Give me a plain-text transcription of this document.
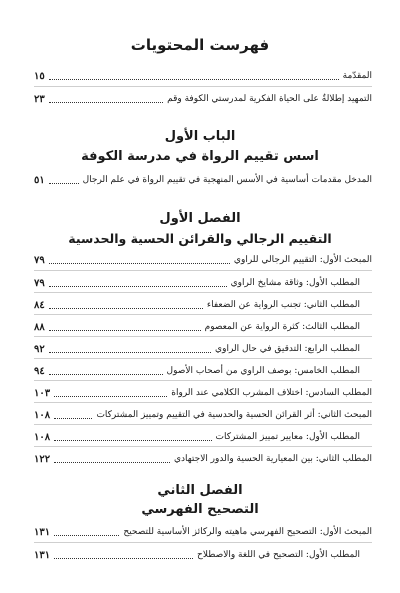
فهرست المحتويات
المقدّمة
١٥
التمهيد إطلالةٌ على الحياة الفكرية لمدرستي الكوفة وقم
٢٣
الباب الأول
اسس تقييم الرواة في مدرسة الكوفة
المدخل مقدمات أساسية في الأسس المنهجية في تقييم الرواة في علم الرجال
٥١
الفصل الأول
التقييم الرجالي والقرائن الحسية والحدسية
المبحث الأول: التقييم الرجالي للراوي
٧٩
المطلب الأول: وثاقة مشايخ الراوي
٧٩
المطلب الثاني: تجنب الرواية عن الضعفاء
٨٤
المطلب الثالث: كثرة الرواية عن المعصوم
٨٨
المطلب الرابع: التدقيق في حال الراوي
٩٢
المطلب الخامس: بوصف الراوي من أصحاب الأصول
٩٤
المطلب السادس: اختلاف المشرب الكلامي عند الرواة
١٠٣
المبحث الثاني: أثر القرائن الحسية والحدسية في التقييم وتمييز المشتركات
١٠٨
المطلب الأول: معايير تمييز المشتركات
١٠٨
المطلب الثاني: بين المعيارية الحسية والدور الاجتهادي
١٢٢
الفصل الثاني
التصحيح الفهرسي
المبحث الأول: التصحيح الفهرسي ماهيته والركائز الأساسية للتصحيح
١٣١
المطلب الأول: التصحيح في اللغة والاصطلاح
١٣١
